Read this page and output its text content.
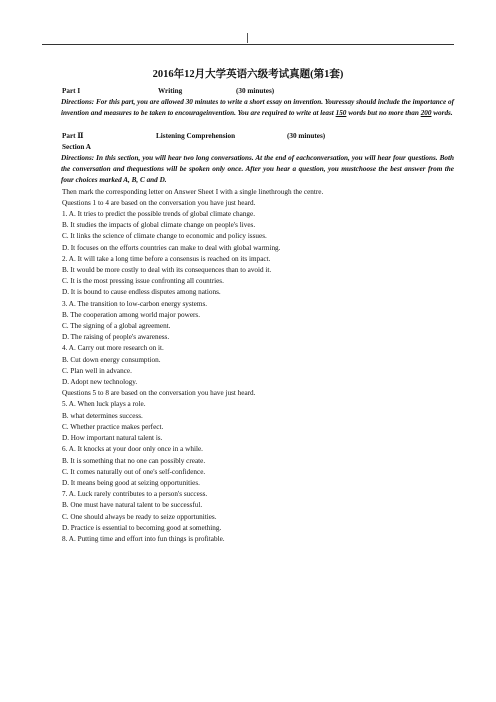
2016年12月大学英语六级考试真题(第1套)
Part I	Writing	(30 minutes)
Directions: For this part, you are allowed 30 minutes to write a short essay on invention. Youressay should include the importance of invention and measures to be taken to encourageinvention. You are required to write at least 150 words but no more than 200 words.
Part Ⅱ	Listening Comprehension	(30 minutes)
Section A
Directions: In this section, you will hear two long conversations. At the end of eachconversation, you will hear four questions. Both the conversation and thequestions will be spoken only once. After you hear a question, you mustchoose the best answer from the four choices marked A, B, C and D.
Then mark the corresponding letter on Answer Sheet I with a single linethrough the centre.
Questions 1 to 4 are based on the conversation you have just heard.
1. A. It tries to predict the possible trends of global climate change.
B. It studies the impacts of global climate change on people's lives.
C. It links the science of climate change to economic and policy issues.
D. It focuses on the efforts countries can make to deal with global warming.
2. A. It will take a long time before a consensus is reached on its impact.
B. It would be more costly to deal with its consequences than to avoid it.
C. It is the most pressing issue confronting all countries.
D. It is bound to cause endless disputes among nations.
3. A. The transition to low-carbon energy systems.
B. The cooperation among world major powers.
C. The signing of a global agreement.
D. The raising of people's awareness.
4. A. Carry out more research on it.
B. Cut down energy consumption.
C. Plan well in advance.
D. Adopt new technology.
Questions 5 to 8 are based on the conversation you have just heard.
5. A. When luck plays a role.
B. what determines success.
C. Whether practice makes perfect.
D. How important natural talent is.
6. A. It knocks at your door only once in a while.
B. It is something that no one can possibly create.
C. It comes naturally out of one's self-confidence.
D. It means being good at seizing opportunities.
7. A. Luck rarely contributes to a person's success.
B. One must have natural talent to be successful.
C. One should always be ready to seize opportunities.
D. Practice is essential to becoming good at something.
8. A. Putting time and effort into fun things is profitable.
